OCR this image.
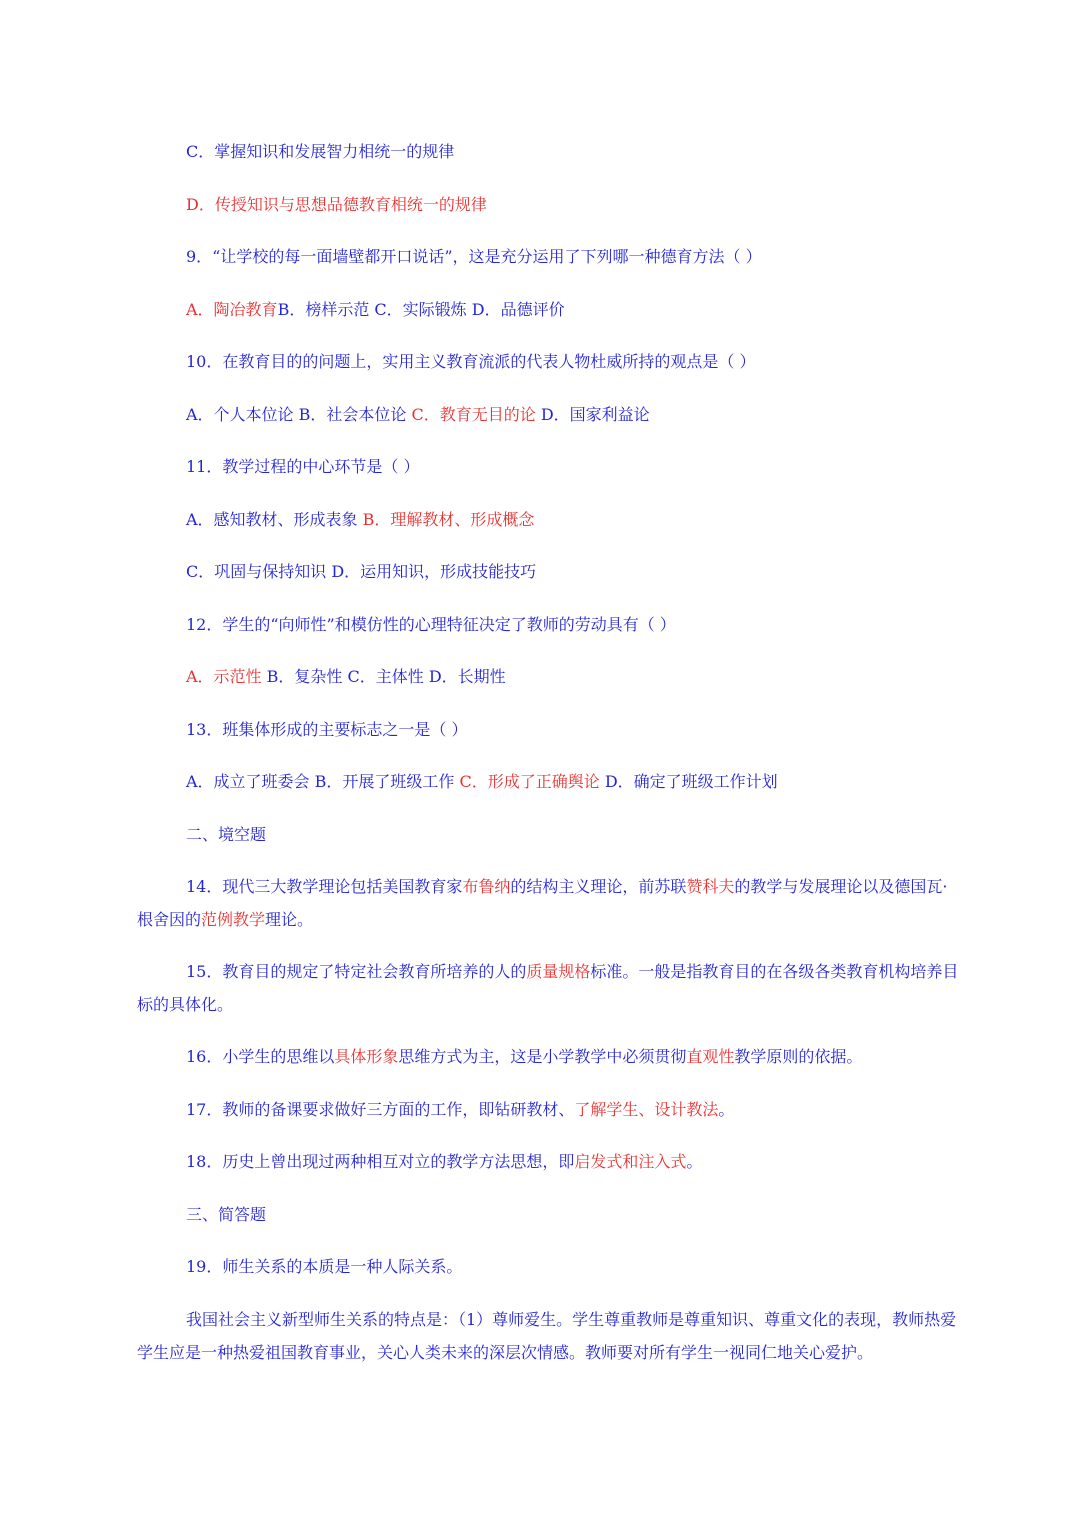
C．掌握知识和发展智力相统一的规律
D．传授知识与思想品德教育相统一的规律
9．“让学校的每一面墙壁都开口说话”，这是充分运用了下列哪一种德育方法（ ）
A．陶冶教育B．榜样示范 C．实际锻炼 D．品德评价
10．在教育目的的问题上，实用主义教育流派的代表人物杜威所持的观点是（ ）
A．个人本位论 B．社会本位论 C．教育无目的论 D．国家利益论
11．教学过程的中心环节是（ ）
A．感知教材、形成表象 B．理解教材、形成概念
C．巩固与保持知识 D．运用知识，形成技能技巧
12．学生的“向师性”和模仿性的心理特征决定了教师的劳动具有（ ）
A．示范性 B．复杂性 C．主体性 D．长期性
13．班集体形成的主要标志之一是（ ）
A．成立了班委会 B．开展了班级工作 C．形成了正确舆论 D．确定了班级工作计划
二、境空题
14．现代三大教学理论包括美国教育家布鲁纳的结构主义理论，前苏联赞科夫的教学与发展理论以及德国瓦·根舍因的范例教学理论。
15．教育目的规定了特定社会教育所培养的人的质量规格标准。一般是指教育目的在各级各类教育机构培养目标的具体化。
16．小学生的思维以具体形象思维方式为主，这是小学教学中必须贯彻直观性教学原则的依据。
17．教师的备课要求做好三方面的工作，即钻研教材、了解学生、设计教法。
18．历史上曾出现过两种相互对立的教学方法思想，即启发式和注入式。
三、简答题
19．师生关系的本质是一种人际关系。
我国社会主义新型师生关系的特点是：（1）尊师爱生。学生尊重教师是尊重知识、尊重文化的表现，教师热爱学生应是一种热爱祖国教育事业，关心人类未来的深层次情感。教师要对所有学生一视同仁地关心爱护。
